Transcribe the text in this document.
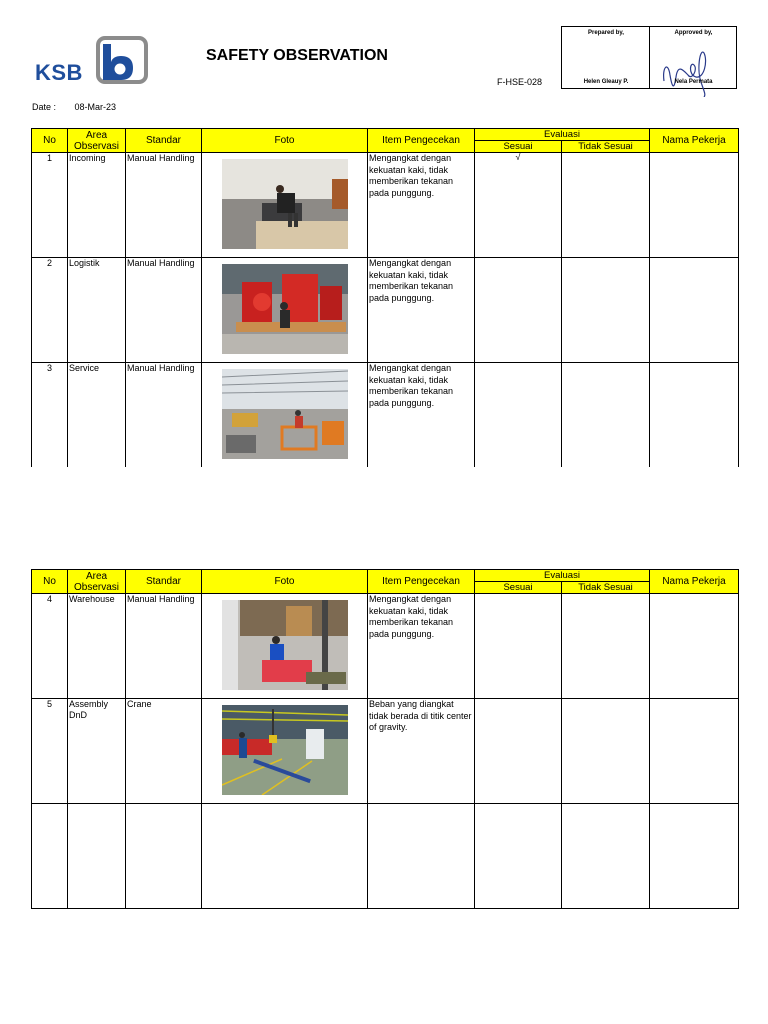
KSB
SAFETY OBSERVATION
F-HSE-028
Prepared by,
Helen Gleauy P.
Approved by,
Nela Permata
Date : 08-Mar-23
No	Area Observasi	Standar	Foto	Item Pengecekan	Evaluasi		Nama Pekerja
					Sesuai	Tidak Sesuai	
1	Incoming	Manual Handling		Mengangkat dengan kekuatan kaki, tidak memberikan tekanan pada punggung.	√		
2	Logistik	Manual Handling		Mengangkat dengan kekuatan kaki, tidak memberikan tekanan pada punggung.			
3	Service	Manual Handling		Mengangkat dengan kekuatan kaki, tidak memberikan tekanan pada punggung.			
No	Area Observasi	Standar	Foto	Item Pengecekan	Evaluasi		Nama Pekerja
					Sesuai	Tidak Sesuai	
4	Warehouse	Manual Handling		Mengangkat dengan kekuatan kaki, tidak memberikan tekanan pada punggung.			
5	Assembly DnD	Crane		Beban yang diangkat tidak berada di titik center of gravity.			
